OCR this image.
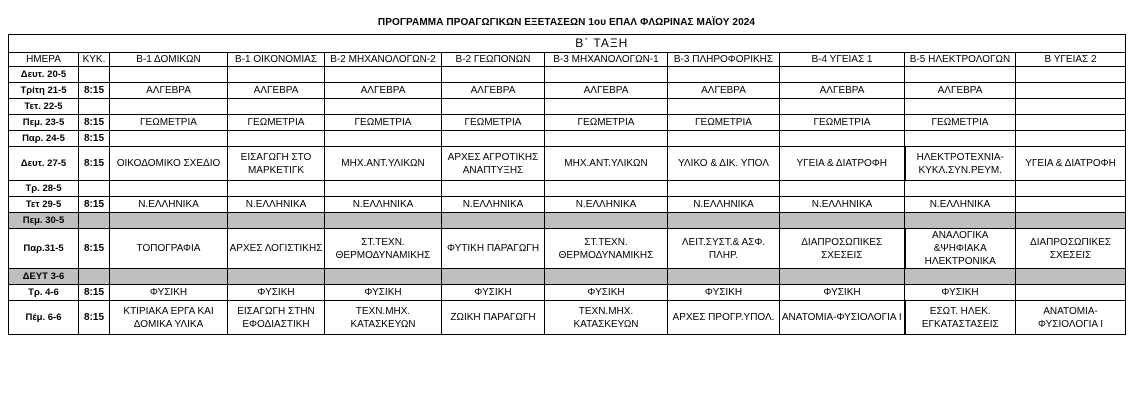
ΠΡΟΓΡΑΜΜΑ ΠΡΟΑΓΩΓΙΚΩΝ ΕΞΕΤΑΣΕΩΝ 1ου ΕΠΑΛ ΦΛΩΡΙΝΑΣ ΜΑΪΟΥ 2024
	Β΄ ΤΑΞΗ									
ΗΜΕΡΑ	ΚΥΚ.	Β-1 ΔΟΜΙΚΩΝ	Β-1 ΟΙΚΟΝΟΜΙΑΣ	Β-2 ΜΗΧΑΝΟΛΟΓΩΝ-2	Β-2 ΓΕΩΠΟΝΩΝ	Β-3 ΜΗΧΑΝΟΛΟΓΩΝ-1	Β-3 ΠΛΗΡΟΦΟΡΙΚΗΣ	Β-4 ΥΓΕΙΑΣ 1	Β-5 ΗΛΕΚΤΡΟΛΟΓΩΝ	Β ΥΓΕΙΑΣ 2
Δευτ. 20-5										
Τρίτη 21-5	8:15	ΑΛΓΕΒΡΑ	ΑΛΓΕΒΡΑ	ΑΛΓΕΒΡΑ	ΑΛΓΕΒΡΑ	ΑΛΓΕΒΡΑ	ΑΛΓΕΒΡΑ	ΑΛΓΕΒΡΑ	ΑΛΓΕΒΡΑ	
Τετ. 22-5										
Πεμ. 23-5	8:15	ΓΕΩΜΕΤΡΙΑ	ΓΕΩΜΕΤΡΙΑ	ΓΕΩΜΕΤΡΙΑ	ΓΕΩΜΕΤΡΙΑ	ΓΕΩΜΕΤΡΙΑ	ΓΕΩΜΕΤΡΙΑ	ΓΕΩΜΕΤΡΙΑ	ΓΕΩΜΕΤΡΙΑ	
Παρ. 24-5	8:15									
Δευτ. 27-5	8:15	ΟΙΚΟΔΟΜΙΚΟ ΣΧΕΔΙΟ	ΕΙΣΑΓΩΓΗ ΣΤΟ ΜΑΡΚΕΤΙΓΚ	ΜΗΧ.ΑΝΤ.ΥΛΙΚΩΝ	ΑΡΧΕΣ ΑΓΡΟΤΙΚΗΣ ΑΝΑΠΤΥΞΗΣ	ΜΗΧ.ΑΝΤ.ΥΛΙΚΩΝ	ΥΛΙΚΟ & ΔΙΚ. ΥΠΟΛ	ΥΓΕΙΑ & ΔΙΑΤΡΟΦΗ	ΗΛΕΚΤΡΟΤΕΧΝΙΑ-ΚΥΚΛ.ΣΥΝ.ΡΕΥΜ.	ΥΓΕΙΑ & ΔΙΑΤΡΟΦΗ
Τρ. 28-5										
Τετ 29-5	8:15	Ν.ΕΛΛΗΝΙΚΑ	Ν.ΕΛΛΗΝΙΚΑ	Ν.ΕΛΛΗΝΙΚΑ	Ν.ΕΛΛΗΝΙΚΑ	Ν.ΕΛΛΗΝΙΚΑ	Ν.ΕΛΛΗΝΙΚΑ	Ν.ΕΛΛΗΝΙΚΑ	Ν.ΕΛΛΗΝΙΚΑ	
Πεμ. 30-5										
Παρ.31-5	8:15	ΤΟΠΟΓΡΑΦΙΑ	ΑΡΧΕΣ ΛΟΓΙΣΤΙΚΗΣ	ΣΤ.ΤΕΧΝ. ΘΕΡΜΟΔΥΝΑΜΙΚΗΣ	ΦΥΤΙΚΗ ΠΑΡΑΓΩΓΗ	ΣΤ.ΤΕΧΝ. ΘΕΡΜΟΔΥΝΑΜΙΚΗΣ	ΛΕΙΤ.ΣΥΣΤ.& ΑΣΦ. ΠΛΗΡ.	ΔΙΑΠΡΟΣΩΠΙΚΕΣ ΣΧΕΣΕΙΣ	ΑΝΑΛΟΓΙΚΑ &ΨΗΦΙΑΚΑ ΗΛΕΚΤΡΟΝΙΚΑ	ΔΙΑΠΡΟΣΩΠΙΚΕΣ ΣΧΕΣΕΙΣ
ΔΕΥΤ 3-6										
Τρ. 4-6	8:15	ΦΥΣΙΚΗ	ΦΥΣΙΚΗ	ΦΥΣΙΚΗ	ΦΥΣΙΚΗ	ΦΥΣΙΚΗ	ΦΥΣΙΚΗ	ΦΥΣΙΚΗ	ΦΥΣΙΚΗ	
Πέμ. 6-6	8:15	ΚΤΙΡΙΑΚΑ ΕΡΓΑ ΚΑΙ ΔΟΜΙΚΑ ΥΛΙΚΑ	ΕΙΣΑΓΩΓΗ ΣΤΗΝ ΕΦΟΔΙΑΣΤΙΚΗ	ΤΕΧΝ.ΜΗΧ. ΚΑΤΑΣΚΕΥΩΝ	ΖΩΙΚΗ ΠΑΡΑΓΩΓΗ	ΤΕΧΝ.ΜΗΧ. ΚΑΤΑΣΚΕΥΩΝ	ΑΡΧΕΣ ΠΡΟΓΡ.ΥΠΟΛ.	ΑΝΑΤΟΜΙΑ-ΦΥΣΙΟΛΟΓΙΑ Ι	ΕΣΩΤ. ΗΛΕΚ. ΕΓΚΑΤΑΣΤΑΣΕΙΣ	ΑΝΑΤΟΜΙΑ-ΦΥΣΙΟΛΟΓΙΑ Ι
